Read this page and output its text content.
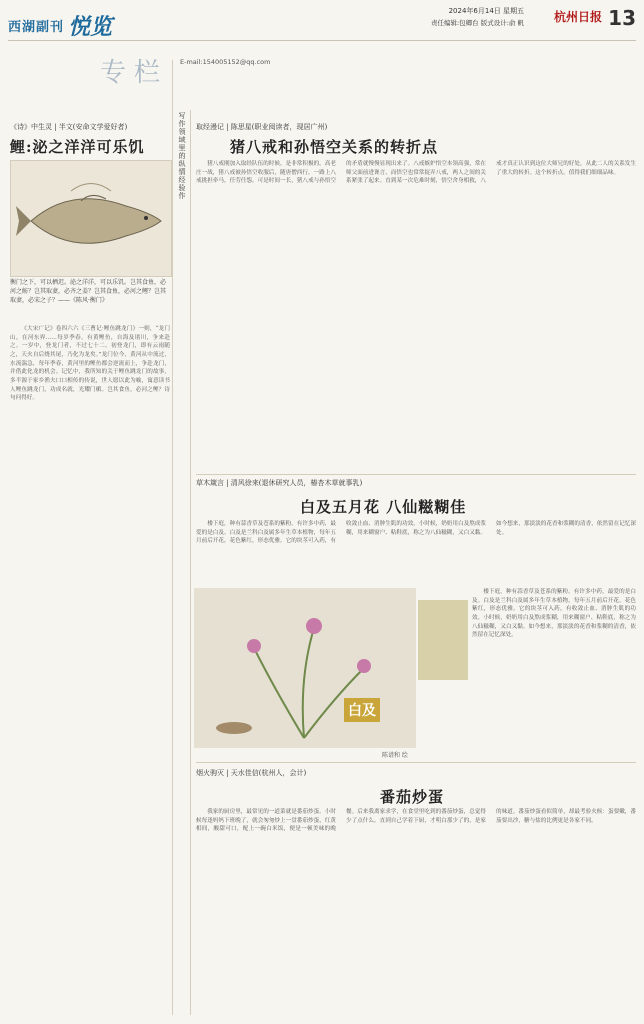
西湖副刊 悦览
2024年6月14日 星期五
责任编辑:包卿台 版式设计:俞 帆 杭州日报 13
专栏 E-mail:154005152@qq.com
写作领域里的纵情经验作
《诗》中生灵 | 半文(安命文学爱好者)
鲤:泌之洋洋可乐饥
衡门之下，可以栖迟。泌之洋洋，可以乐饥。岂其食鱼，必河之鲂？岂其取妻，必齐之姜？岂其食鱼，必河之鲤？岂其取妻，必宋之子？——《陈风·衡门》

《大宋广记》卷四六六《三曹记·鲤鱼跳龙门》一则，“龙门山，在河东界……每岁季春，有黄鲤鱼，自海及诸川，争来赴之。一岁中，登龙门者，不过七十二。初登龙门，即有云雨随之，天火自后烧其尾，乃化为龙矣。”龙门位今，黄河从中流过，水流湍急，每年季春，黄河里的鲤鱼都会逆流而上，争赴龙门，并借此化龙的机会。记忆中，我所知的关于鲤鱼跳龙门的故事，多半源于家乡渔夫口口相传的传说，世人愿以此为喻，寓意读书人鲤鱼跳龙门，功成名就，光耀门楣。岂其食鱼，必河之鲤？诗句问得好。

取经漫记 | 陈思星(职业阅读者，现居广州)
猪八戒和孙悟空关系的转折点

猪八戒刚加入取经队伍的时候，是非常积极的。高老庄一战，猪八戒被孙悟空收服后，随唐僧西行，一路上八戒挑担牵马，任劳任怨。可是时间一长，猪八戒与孙悟空的矛盾就慢慢显现出来了。八戒嫉妒悟空本领高强，常在师父面前进谗言，而悟空也常常捉弄八戒，两人之间的关系紧张了起来。直到某一次危难时刻，悟空舍身相救，八戒才真正认识到这位大师兄的好处，从此二人的关系发生了重大的转折。这个转折点，值得我们细细品味。

草木箴言 | 清风徐来(退休研究人员，椿杏木草就事乳)
白及五月花 八仙糍糊佳

楼下庭，种有蒜香草及苍系的紫粉。有许多中药，最爱的是白及。白及是兰科白及属多年生草本植物，每年五月前后开花，花色紫红，形态优雅。它的块茎可入药，有收敛止血、消肿生肌的功效。小时候，奶奶用白及熬成浆糊，用来糊窗户、粘鞋底，称之为八仙糍糊，又白又黏。如今想来，那淡淡的花香和浆糊的清香，依然留在记忆深处。

白及
陈谱和 绘

楼下庭，种有蒜香草及苍系的紫粉。有许多中药，最爱的是白及。白及是兰科白及属多年生草本植物，每年五月前后开花，花色紫红，形态优雅。它的块茎可入药，有收敛止血、消肿生肌的功效。小时候，奶奶用白及熬成浆糊，用来糊窗户、粘鞋底，称之为八仙糍糊，又白又黏。如今想来，那淡淡的花香和浆糊的清香，依然留在记忆深处。

烟火驹灭 | 天水佳信(杭州人，会计)
番茄炒蛋

我家的厨房里，最常见的一道菜就是番茄炒蛋。小时候每逢妈妈下班晚了，就会匆匆炒上一盘番茄炒蛋，红黄相间，酸甜可口，配上一碗白米饭，便是一顿美味的晚餐。后来我离家求学，在食堂里吃到的番茄炒蛋，总觉得少了点什么。直到自己学着下厨，才明白那少了的，是家的味道。番茄炒蛋看似简单，却最考验火候：蛋要嫩，番茄要出沙，糖与盐的比例更是各家不同。
